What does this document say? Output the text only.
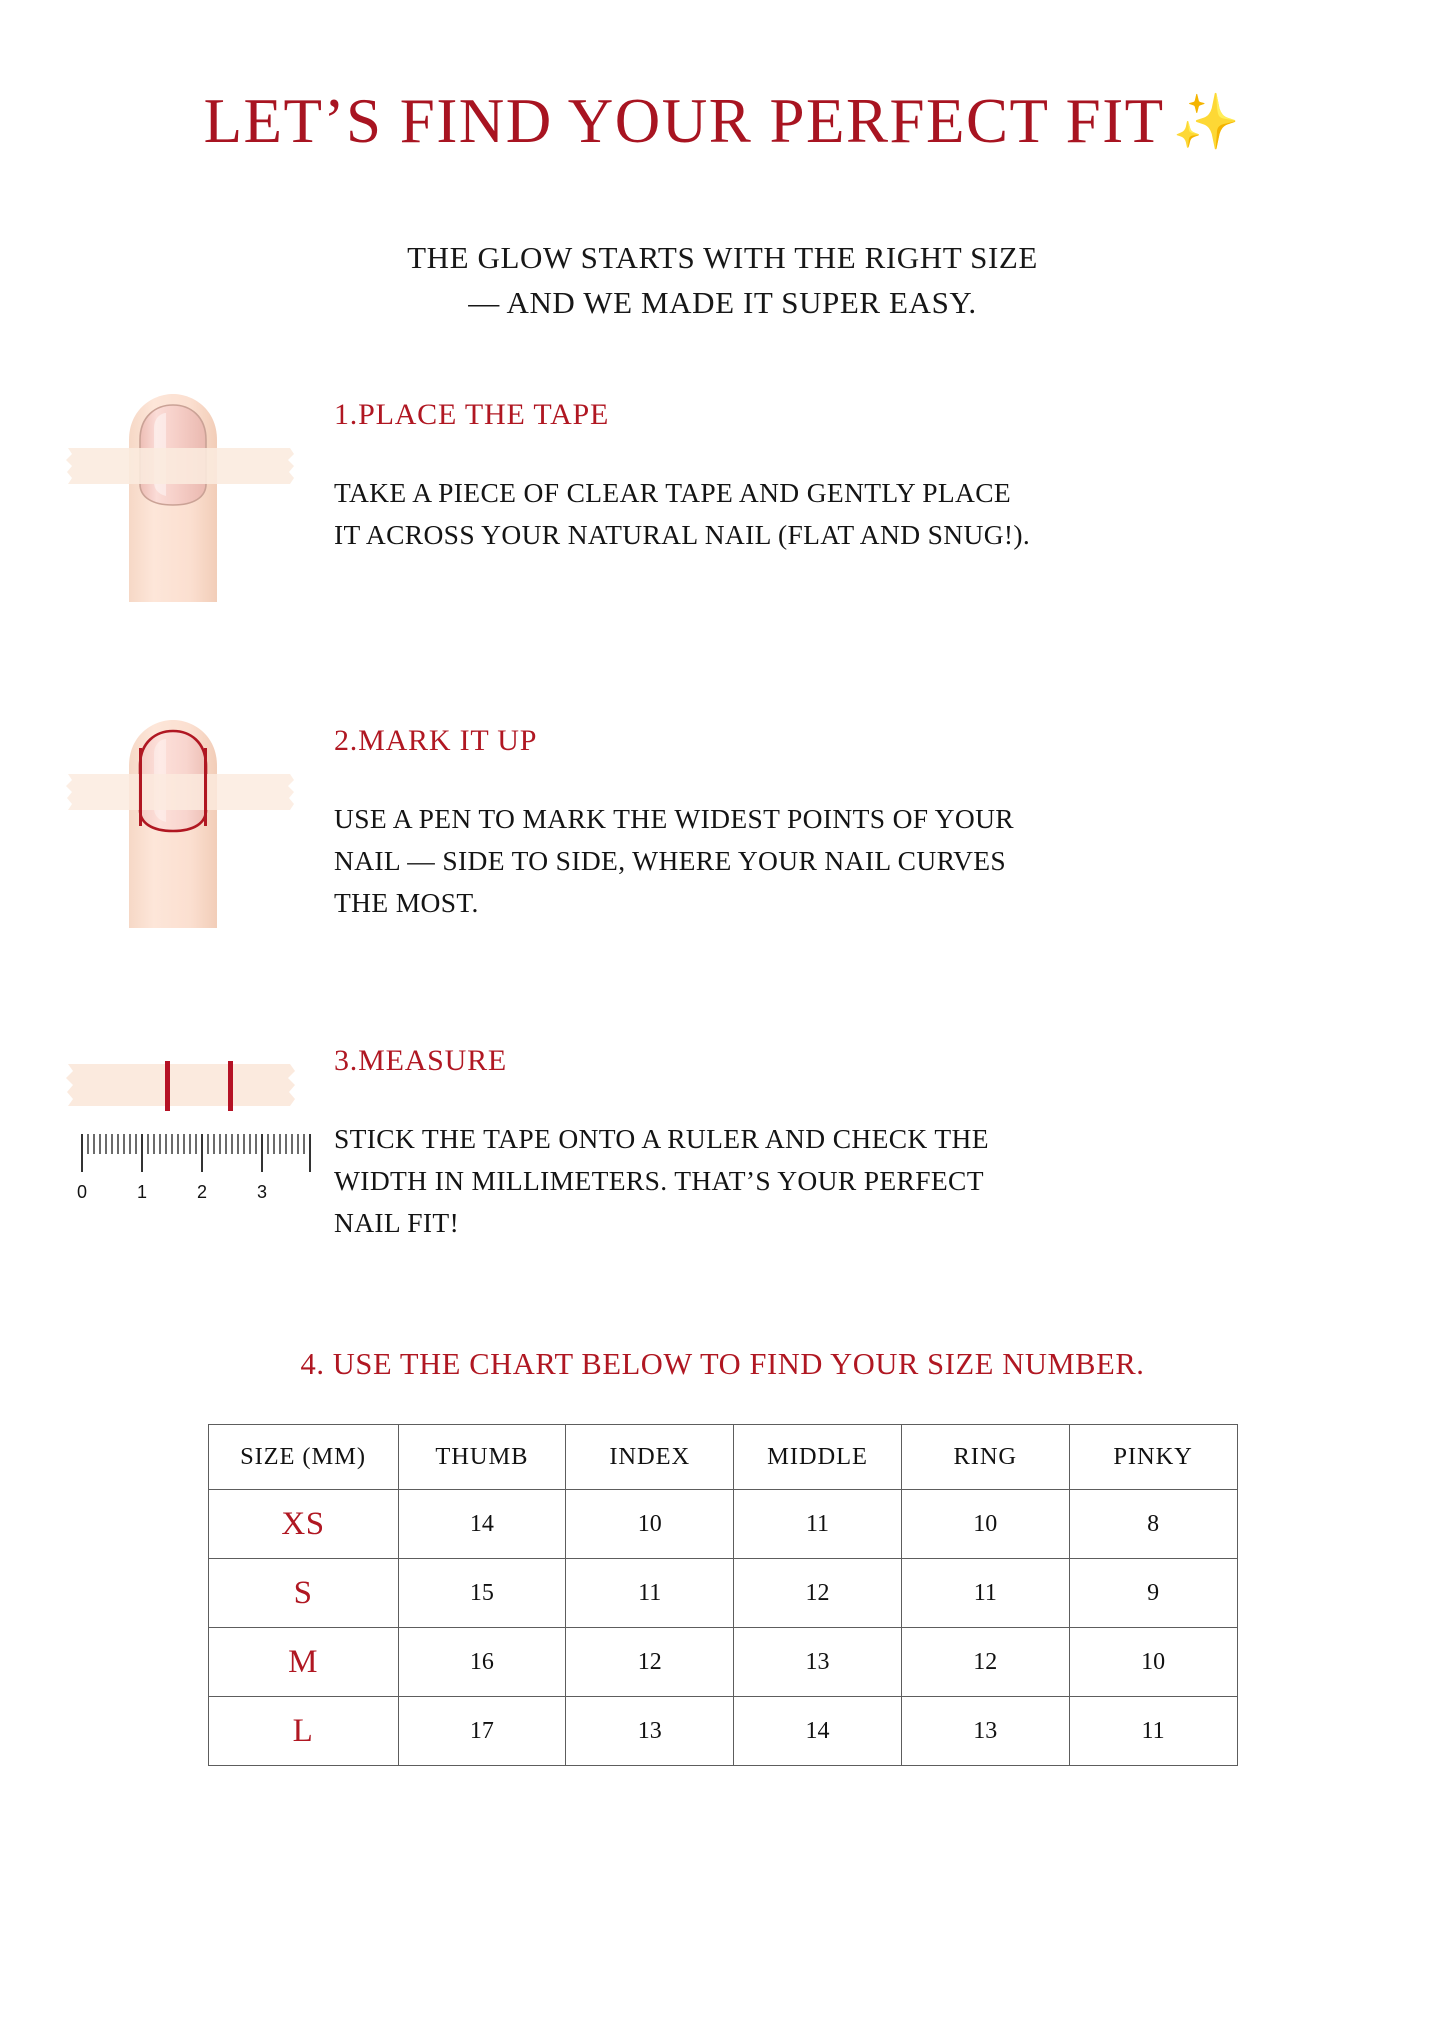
LET’S FIND YOUR PERFECT FIT ✨

THE GLOW STARTS WITH THE RIGHT SIZE
— AND WE MADE IT SUPER EASY.

1.PLACE THE TAPE

TAKE A PIECE OF CLEAR TAPE AND GENTLY PLACE IT ACROSS YOUR NATURAL NAIL (FLAT AND SNUG!).

2.MARK IT UP

USE A PEN TO MARK THE WIDEST POINTS OF YOUR NAIL — SIDE TO SIDE, WHERE YOUR NAIL CURVES THE MOST.

0	1	2	3
3.MEASURE

STICK THE TAPE ONTO A RULER AND CHECK THE WIDTH IN MILLIMETERS. THAT’S YOUR PERFECT NAIL FIT!

4. USE THE CHART BELOW TO FIND YOUR SIZE NUMBER.
SIZE (MM)	THUMB	INDEX	MIDDLE	RING	PINKY
XS	14	10	11	10	8
S	15	11	12	11	9
M	16	12	13	12	10
L	17	13	14	13	11
